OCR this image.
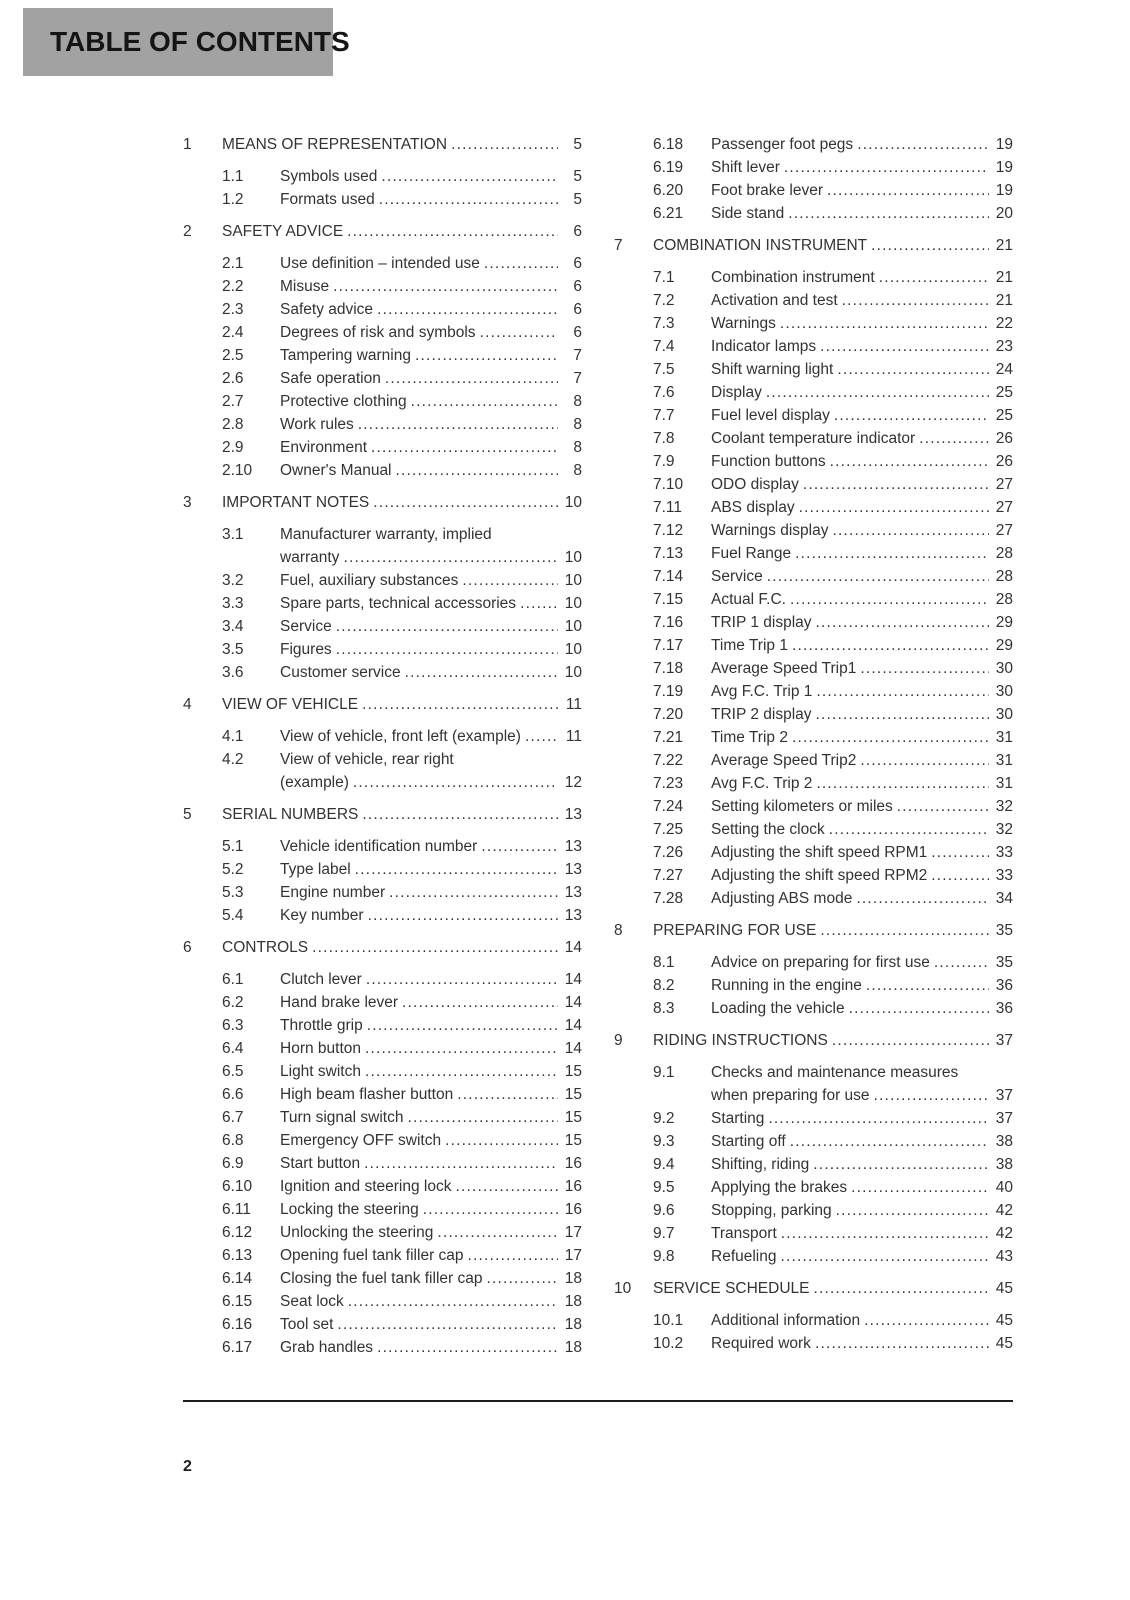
TABLE OF CONTENTS
1	MEANS OF REPRESENTATION .....	5
1.1	Symbols used .....	5
1.2	Formats used .....	5
2	SAFETY ADVICE .....	6
2.1	Use definition – intended use .....	6
2.2	Misuse .....	6
2.3	Safety advice .....	6
2.4	Degrees of risk and symbols .....	6
2.5	Tampering warning .....	7
2.6	Safe operation .....	7
2.7	Protective clothing .....	8
2.8	Work rules .....	8
2.9	Environment .....	8
2.10	Owner's Manual .....	8
3	IMPORTANT NOTES .....	10
3.1	Manufacturer warranty, implied
warranty .....	10
3.2	Fuel, auxiliary substances .....	10
3.3	Spare parts, technical accessories .....	10
3.4	Service .....	10
3.5	Figures .....	10
3.6	Customer service .....	10
4	VIEW OF VEHICLE .....	11
4.1	View of vehicle, front left (example) .....	11
4.2	View of vehicle, rear right
(example) .....	12
5	SERIAL NUMBERS .....	13
5.1	Vehicle identification number .....	13
5.2	Type label .....	13
5.3	Engine number .....	13
5.4	Key number .....	13
6	CONTROLS .....	14
6.1	Clutch lever .....	14
6.2	Hand brake lever .....	14
6.3	Throttle grip .....	14
6.4	Horn button .....	14
6.5	Light switch .....	15
6.6	High beam flasher button .....	15
6.7	Turn signal switch .....	15
6.8	Emergency OFF switch .....	15
6.9	Start button .....	16
6.10	Ignition and steering lock .....	16
6.11	Locking the steering .....	16
6.12	Unlocking the steering .....	17
6.13	Opening fuel tank filler cap .....	17
6.14	Closing the fuel tank filler cap .....	18
6.15	Seat lock .....	18
6.16	Tool set .....	18
6.17	Grab handles .....	18
6.18	Passenger foot pegs .....	19
6.19	Shift lever .....	19
6.20	Foot brake lever .....	19
6.21	Side stand .....	20
7	COMBINATION INSTRUMENT .....	21
7.1	Combination instrument .....	21
7.2	Activation and test .....	21
7.3	Warnings .....	22
7.4	Indicator lamps .....	23
7.5	Shift warning light .....	24
7.6	Display .....	25
7.7	Fuel level display .....	25
7.8	Coolant temperature indicator .....	26
7.9	Function buttons .....	26
7.10	ODO display .....	27
7.11	ABS display .....	27
7.12	Warnings display .....	27
7.13	Fuel Range .....	28
7.14	Service .....	28
7.15	Actual F.C. .....	28
7.16	TRIP 1 display .....	29
7.17	Time Trip 1 .....	29
7.18	Average Speed Trip1 .....	30
7.19	Avg F.C. Trip 1 .....	30
7.20	TRIP 2 display .....	30
7.21	Time Trip 2 .....	31
7.22	Average Speed Trip2 .....	31
7.23	Avg F.C. Trip 2 .....	31
7.24	Setting kilometers or miles .....	32
7.25	Setting the clock .....	32
7.26	Adjusting the shift speed RPM1 .....	33
7.27	Adjusting the shift speed RPM2 .....	33
7.28	Adjusting ABS mode .....	34
8	PREPARING FOR USE .....	35
8.1	Advice on preparing for first use .....	35
8.2	Running in the engine .....	36
8.3	Loading the vehicle .....	36
9	RIDING INSTRUCTIONS .....	37
9.1	Checks and maintenance measures
when preparing for use .....	37
9.2	Starting .....	37
9.3	Starting off .....	38
9.4	Shifting, riding .....	38
9.5	Applying the brakes .....	40
9.6	Stopping, parking .....	42
9.7	Transport .....	42
9.8	Refueling .....	43
10	SERVICE SCHEDULE .....	45
10.1	Additional information .....	45
10.2	Required work .....	45
2
